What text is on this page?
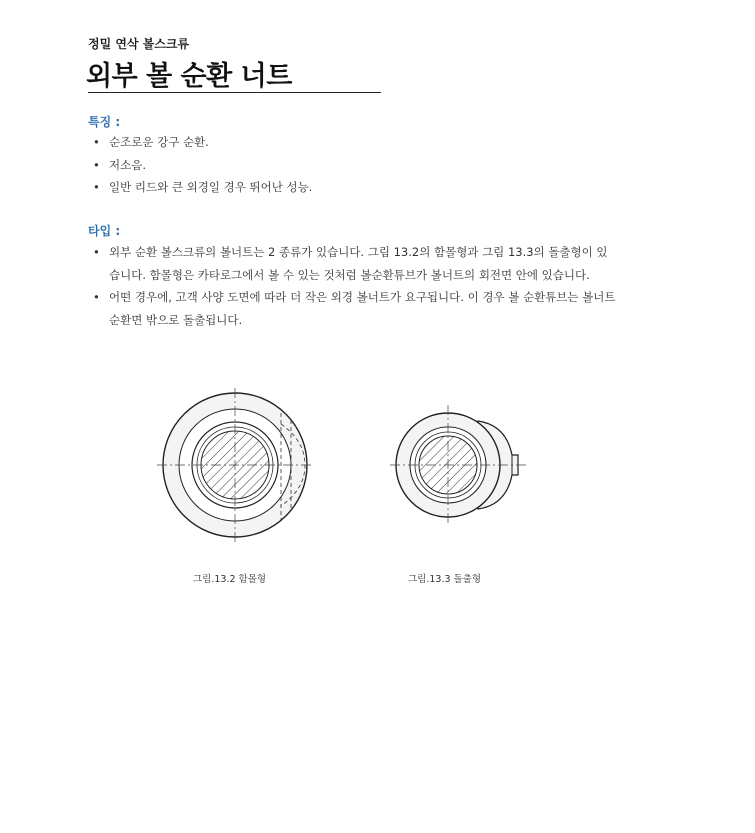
정밀 연삭 볼스크류
외부 볼 순환 너트
특징 :
• 순조로운 강구 순환.
• 저소음.
• 일반 리드와 큰 외경일 경우 뛰어난 성능.
타입 :
• 외부 순환 볼스크류의 볼너트는 2 종류가 있습니다. 그림 13.2의 함몰형과 그림 13.3의 돌출형이 있습니다. 함몰형은 카타로그에서 볼 수 있는 것처럼 볼순환튜브가 볼너트의 회전면 안에 있습니다.
• 어떤 경우에, 고객 사양 도면에 따라 더 작은 외경 볼너트가 요구됩니다. 이 경우 볼 순환튜브는 볼너트 순환면 밖으로 돌출됩니다.
그림.13.2 함몰형	그림.13.3 돌출형
